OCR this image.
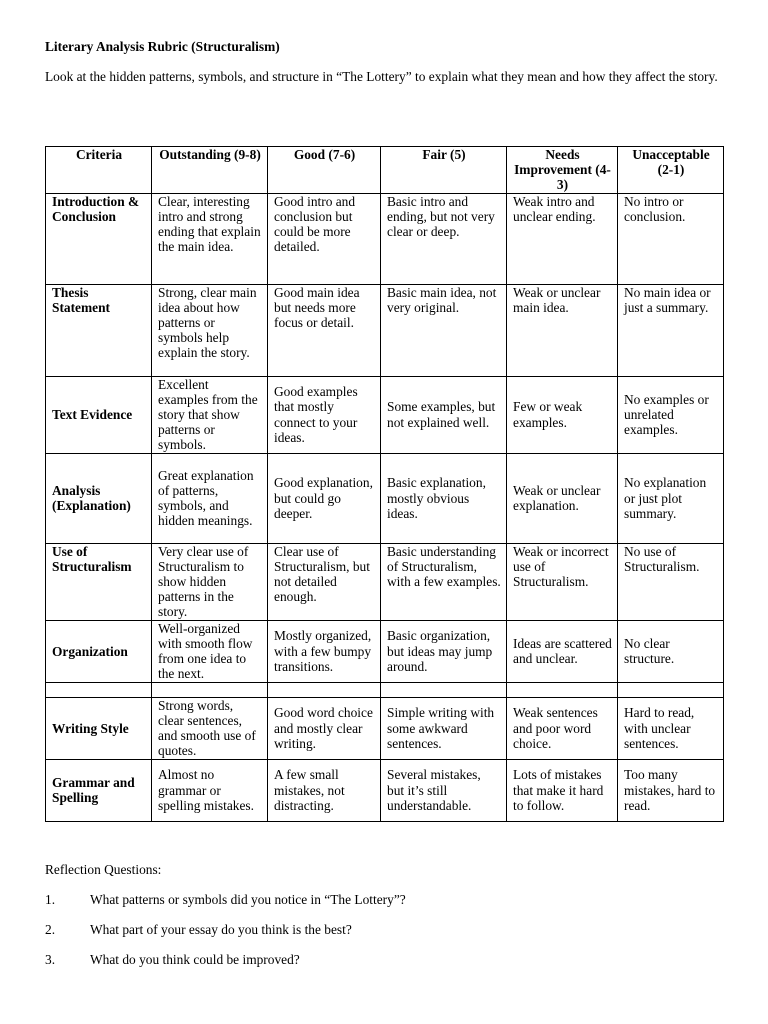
Literary Analysis Rubric (Structuralism)
Look at the hidden patterns, symbols, and structure in “The Lottery” to explain what they mean and how they affect the story.
Criteria	Outstanding (9-8)	Good (7-6)	Fair (5)	Needs Improvement (4-3)	Unacceptable (2-1)
Introduction & Conclusion	Clear, interesting intro and strong ending that explain the main idea.	Good intro and conclusion but could be more detailed.	Basic intro and ending, but not very clear or deep.	Weak intro and unclear ending.	No intro or conclusion.
Thesis Statement	Strong, clear main idea about how patterns or symbols help explain the story.	Good main idea but needs more focus or detail.	Basic main idea, not very original.	Weak or unclear main idea.	No main idea or just a summary.
Text Evidence	Excellent examples from the story that show patterns or symbols.	Good examples that mostly connect to your ideas.	Some examples, but not explained well.	Few or weak examples.	No examples or unrelated examples.
Analysis (Explanation)	Great explanation of patterns, symbols, and hidden meanings.	Good explanation, but could go deeper.	Basic explanation, mostly obvious ideas.	Weak or unclear explanation.	No explanation or just plot summary.
Use of Structuralism	Very clear use of Structuralism to show hidden patterns in the story.	Clear use of Structuralism, but not detailed enough.	Basic understanding of Structuralism, with a few examples.	Weak or incorrect use of Structuralism.	No use of Structuralism.
Organization	Well-organized with smooth flow from one idea to the next.	Mostly organized, with a few bumpy transitions.	Basic organization, but ideas may jump around.	Ideas are scattered and unclear.	No clear structure.

Writing Style	Strong words, clear sentences, and smooth use of quotes.	Good word choice and mostly clear writing.	Simple writing with some awkward sentences.	Weak sentences and poor word choice.	Hard to read, with unclear sentences.
Grammar and Spelling	Almost no grammar or spelling mistakes.	A few small mistakes, not distracting.	Several mistakes, but it’s still understandable.	Lots of mistakes that make it hard to follow.	Too many mistakes, hard to read.
Reflection Questions:
1.	What patterns or symbols did you notice in “The Lottery”?
2.	What part of your essay do you think is the best?
3.	What do you think could be improved?
